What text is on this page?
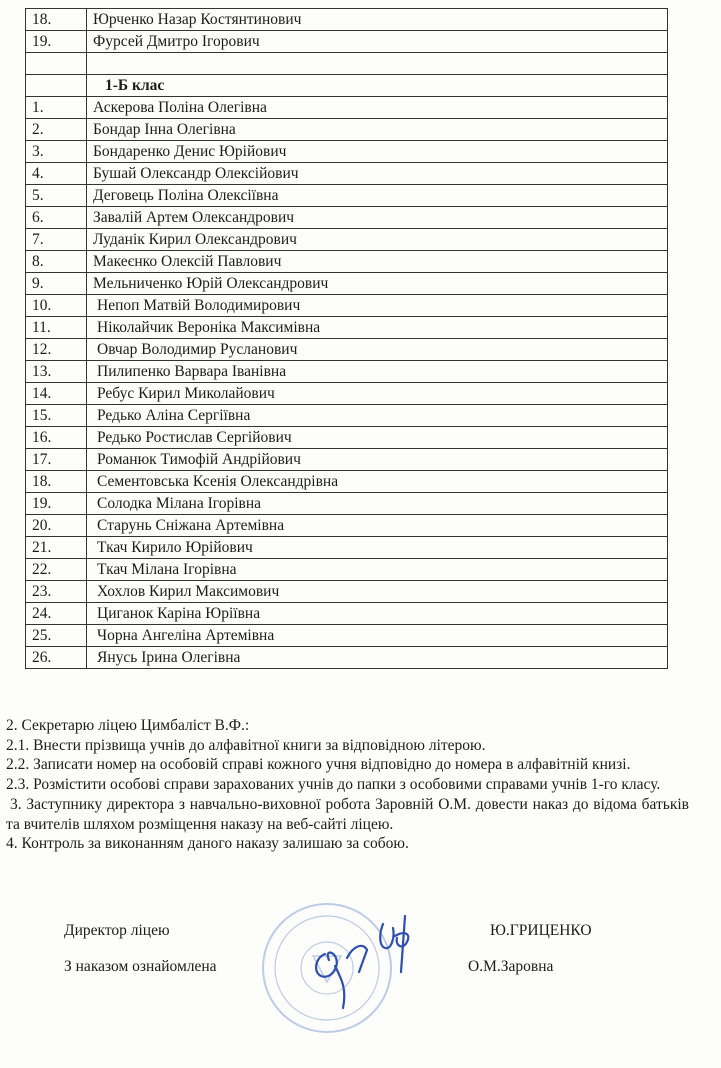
18.	Юрченко Назар Костянтинович
19.	Фурсей Дмитро Ігорович

	1-Б клас
1.	Аскерова Поліна Олегівна
2.	Бондар Інна Олегівна
3.	Бондаренко Денис Юрійович
4.	Бушай Олександр Олексійович
5.	Деговець Поліна Олексіївна
6.	Завалій Артем Олександрович
7.	Луданік Кирил Олександрович
8.	Макеєнко Олексій Павлович
9.	Мельниченко Юрій Олександрович
10.	Непоп Матвій Володимирович
11.	Ніколайчик Вероніка Максимівна
12.	Овчар Володимир Русланович
13.	Пилипенко Варвара Іванівна
14.	Ребус Кирил Миколайович
15.	Редько Аліна Сергіївна
16.	Редько Ростислав Сергійович
17.	Романюк Тимофій Андрійович
18.	Сементовська Ксенія Олександрівна
19.	Солодка Мілана Ігорівна
20.	Старунь Сніжана Артемівна
21.	Ткач Кирило Юрійович
22.	Ткач Мілана Ігорівна
23.	Хохлов Кирил Максимович
24.	Циганок Каріна Юріївна
25.	Чорна Ангеліна Артемівна
26.	Янусь Ірина Олегівна

2. Секретарю ліцею Цимбаліст В.Ф.:

2.1. Внести прізвища учнів до алфавітної книги за відповідною літерою.

2.2. Записати номер на особовій справі кожного учня відповідно до номера в алфавітній книзі.

2.3. Розмістити особові справи зарахованих учнів до папки з особовими справами учнів 1-го класу.

3. Заступнику директора з навчально-виховної робота Заровній О.М. довести наказ до відома батьків та вчителів шляхом розміщення наказу на веб-сайті ліцею.

4. Контроль за виконанням даного наказу залишаю за собою.

Директор ліцею	Ю.ГРИЦЕНКО
З наказом ознайомлена	О.М.Заровна
